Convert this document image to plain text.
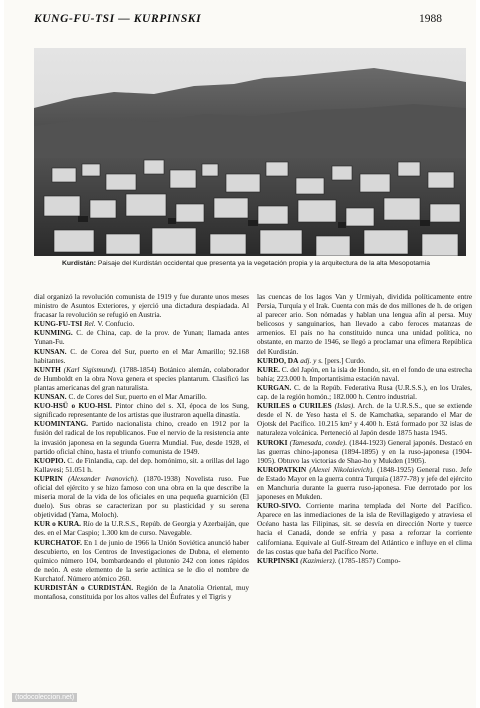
KUNG-FU-TSI — KURPINSKI	1988
Kurdistán: Paisaje del Kurdistán occidental que presenta ya la vegetación propia y la arquitectura de la alta Mesopotamia

dial organizó la revolución comunista de 1919 y fue durante unos meses ministro de Asuntos Exteriores, y ejerció una dictadura despiadada. Al fracasar la revolución se refugió en Austria.

KUNG-FU-TSI Rel. V. Confucio.

KUNMING. C. de China, cap. de la prov. de Yunan; llamada antes Yunan-Fu.

KUNSAN. C. de Corea del Sur, puerto en el Mar Amarillo; 92.168 habitantes.

KUNTH (Karl Sigismund). (1788-1854) Botánico alemán, colaborador de Humboldt en la obra Nova genera et species plantarum. Clasificó las plantas americanas del gran naturalista.

KUNSAN. C. de Cores del Sur, puerto en el Mar Amarillo.

KUO-HSÜ o KUO-HSI. Pintor chino del s. XI, época de los Sung, significado representante de los artistas que ilustraron aquella dinastía.

KUOMINTANG. Partido nacionalista chino, creado en 1912 por la fusión del radical de los republicanos. Fue el nervio de la resistencia ante la invasión japonesa en la segunda Guerra Mundial. Fue, desde 1928, el partido oficial chino, hasta el triunfo comunista de 1949.

KUOPIO. C. de Finlandia, cap. del dep. homónimo, sit. a orillas del lago Kallavesi; 51.051 h.

KUPRIN (Alexander Ivanovich). (1870-1938) Novelista ruso. Fue oficial del ejército y se hizo famoso con una obra en la que describe la miseria moral de la vida de los oficiales en una pequeña guarnición (El duelo). Sus obras se caracterizan por su plasticidad y su serena objetividad (Yama, Moloch).

KUR o KURA. Río de la U.R.S.S., Repúb. de Georgia y Azerbaiján, que des. en el Mar Caspio; 1.300 km de curso. Navegable.

KURCHATOF. En 1 de junio de 1966 la Unión Soviética anunció haber descubierto, en los Centros de Investigaciones de Dubna, el elemento químico número 104, bombardeando el plutonio 242 con iones rápidos de neón. A este elemento de la serie actínica se le dio el nombre de Kurchatof. Número atómico 260.

KURDISTÁN o CURDISTÁN. Región de la Anatolia Oriental, muy montañosa, constituida por los altos valles del Éufrates y el Tigris y

las cuencas de los lagos Van y Urmiyah, dividida políticamente entre Persia, Turquía y el Irak. Cuenta con más de dos millones de h. de origen al parecer ario. Son nómadas y hablan una lengua afín al persa. Muy belicosos y sanguinarios, han llevado a cabo feroces matanzas de armenios. El país no ha constituido nunca una unidad política, no obstante, en marzo de 1946, se llegó a proclamar una efímera República del Kurdistán.

KURDO, DA adj. y s. [pers.] Curdo.

KURE. C. del Japón, en la isla de Hondo, sit. en el fondo de una estrecha bahía; 223.000 h. Importantísima estación naval.

KURGAN. C. de la Repúb. Federativa Rusa (U.R.S.S.), en los Urales, cap. de la región homón.; 182.000 h. Centro industrial.

KURILES o CURILES (Islas). Arch. de la U.R.S.S., que se extiende desde el N. de Yeso hasta el S. de Kamchatka, separando el Mar de Ojotsk del Pacífico. 10.215 km² y 4.400 h. Está formado por 32 islas de naturaleza volcánica. Perteneció al Japón desde 1875 hasta 1945.

KUROKI (Tamesada, conde). (1844-1923) General japonés. Destacó en las guerras chino-japonesa (1894-1895) y en la ruso-japonesa (1904-1905). Obtuvo las victorias de Shao-ho y Mukden (1905).

KUROPATKIN (Alexei Nikolaievich). (1848-1925) General ruso. Jefe de Estado Mayor en la guerra contra Turquía (1877-78) y jefe del ejército en Manchuria durante la guerra ruso-japonesa. Fue derrotado por los japoneses en Mukden.

KURO-SIVO. Corriente marina templada del Norte del Pacífico. Aparece en las inmediaciones de la isla de Revillagigedo y atraviesa el Océano hasta las Filipinas, sit. se desvía en dirección Norte y tuerce hacia el Canadá, donde se enfría y pasa a reforzar la corriente californiana. Equivale al Gulf-Stream del Atlántico e influye en el clima de las costas que baña del Pacífico Norte.

KURPINSKI (Kazimierz). (1785-1857) Compo-

(todocoleccion.net)
